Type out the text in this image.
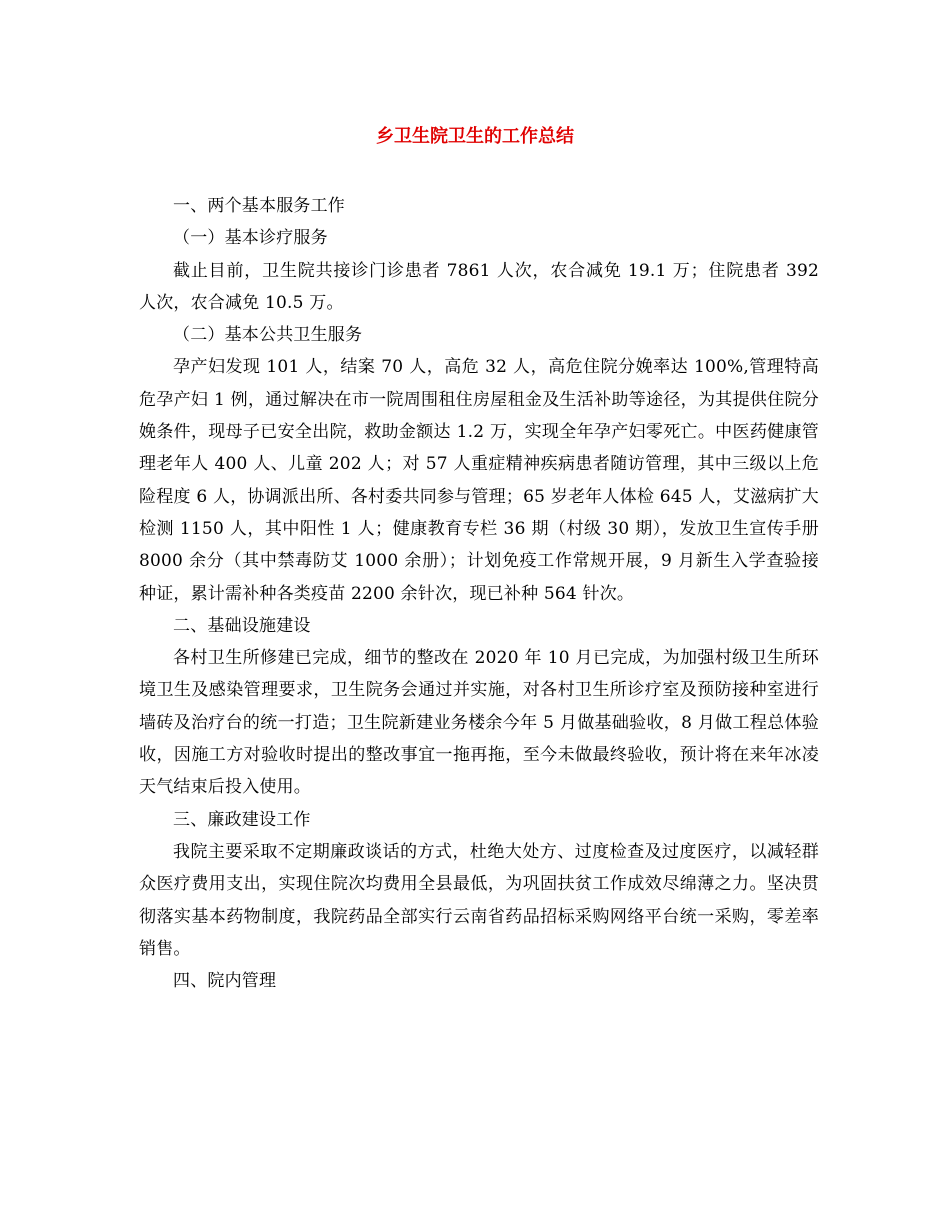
乡卫生院卫生的工作总结

一、两个基本服务工作

（一）基本诊疗服务

截止目前，卫生院共接诊门诊患者 7861 人次，农合减免 19.1 万；住院患者 392 人次，农合减免 10.5 万。

（二）基本公共卫生服务

孕产妇发现 101 人，结案 70 人，高危 32 人，高危住院分娩率达 100%,管理特高危孕产妇 1 例，通过解决在市一院周围租住房屋租金及生活补助等途径，为其提供住院分娩条件，现母子已安全出院，救助金额达 1.2 万，实现全年孕产妇零死亡。中医药健康管理老年人 400 人、儿童 202 人；对 57 人重症精神疾病患者随访管理，其中三级以上危险程度 6 人，协调派出所、各村委共同参与管理；65 岁老年人体检 645 人，艾滋病扩大检测 1150 人，其中阳性 1 人；健康教育专栏 36 期（村级 30 期），发放卫生宣传手册 8000 余分（其中禁毒防艾 1000 余册）；计划免疫工作常规开展，9 月新生入学查验接种证，累计需补种各类疫苗 2200 余针次，现已补种 564 针次。

二、基础设施建设

各村卫生所修建已完成，细节的整改在 2020 年 10 月已完成，为加强村级卫生所环境卫生及感染管理要求，卫生院务会通过并实施，对各村卫生所诊疗室及预防接种室进行墙砖及治疗台的统一打造；卫生院新建业务楼余今年 5 月做基础验收，8 月做工程总体验收，因施工方对验收时提出的整改事宜一拖再拖，至今未做最终验收，预计将在来年冰凌天气结束后投入使用。

三、廉政建设工作

我院主要采取不定期廉政谈话的方式，杜绝大处方、过度检查及过度医疗，以减轻群众医疗费用支出，实现住院次均费用全县最低，为巩固扶贫工作成效尽绵薄之力。坚决贯彻落实基本药物制度，我院药品全部实行云南省药品招标采购网络平台统一采购，零差率销售。

四、院内管理
